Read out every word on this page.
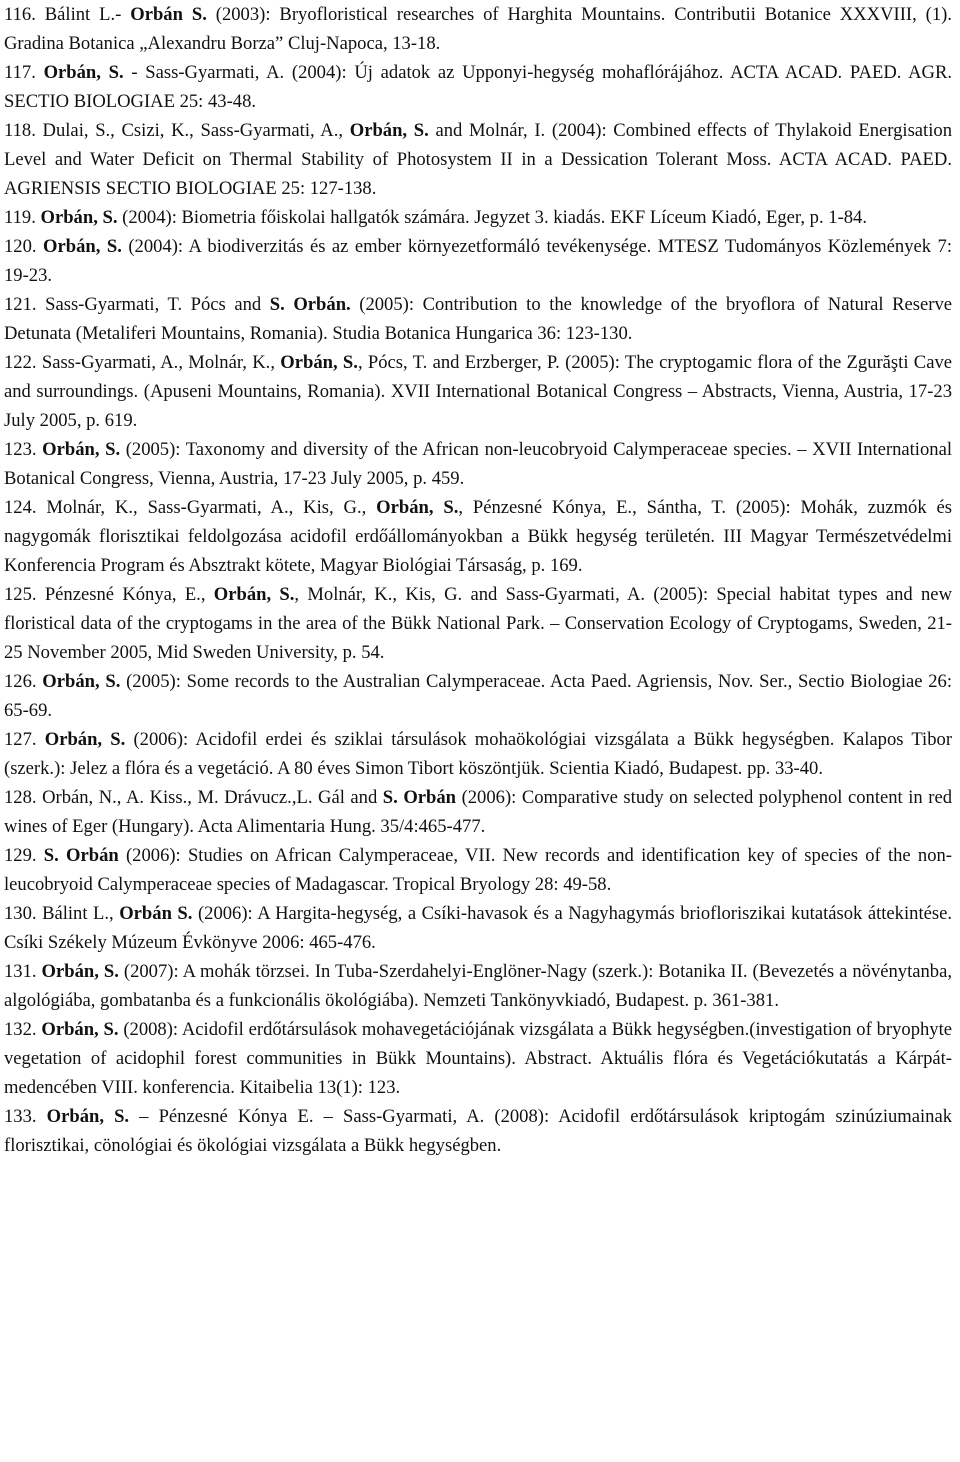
116. Bálint L.- Orbán S. (2003): Bryofloristical researches of Harghita Mountains. Contributii Botanice XXXVIII, (1). Gradina Botanica „Alexandru Borza” Cluj-Napoca, 13-18.

117. Orbán, S. - Sass-Gyarmati, A. (2004): Új adatok az Upponyi-hegység mohaflórájához. ACTA ACAD. PAED. AGR. SECTIO BIOLOGIAE 25: 43-48.

118. Dulai, S., Csizi, K., Sass-Gyarmati, A., Orbán, S. and Molnár, I. (2004): Combined effects of Thylakoid Energisation Level and Water Deficit on Thermal Stability of Photosystem II in a Dessication Tolerant Moss. ACTA ACAD. PAED. AGRIENSIS SECTIO BIOLOGIAE 25: 127-138.

119. Orbán, S. (2004): Biometria főiskolai hallgatók számára. Jegyzet 3. kiadás. EKF Líceum Kiadó, Eger, p. 1-84.

120. Orbán, S. (2004): A biodiverzitás és az ember környezetformáló tevékenysége. MTESZ Tudományos Közlemények 7: 19-23.

121. Sass-Gyarmati, T. Pócs and S. Orbán. (2005): Contribution to the knowledge of the bryoflora of Natural Reserve Detunata (Metaliferi Mountains, Romania). Studia Botanica Hungarica 36: 123-130.

122. Sass-Gyarmati, A., Molnár, K., Orbán, S., Pócs, T. and Erzberger, P. (2005): The cryptogamic flora of the Zgurăşti Cave and surroundings. (Apuseni Mountains, Romania). XVII International Botanical Congress – Abstracts, Vienna, Austria, 17-23 July 2005, p. 619.

123. Orbán, S. (2005): Taxonomy and diversity of the African non-leucobryoid Calymperaceae species. – XVII International Botanical Congress, Vienna, Austria, 17-23 July 2005, p. 459.

124. Molnár, K., Sass-Gyarmati, A., Kis, G., Orbán, S., Pénzesné Kónya, E., Sántha, T. (2005): Mohák, zuzmók és nagygomák florisztikai feldolgozása acidofil erdőállományokban a Bükk hegység területén. III Magyar Természetvédelmi Konferencia Program és Absztrakt kötete, Magyar Biológiai Társaság, p. 169.

125. Pénzesné Kónya, E., Orbán, S., Molnár, K., Kis, G. and Sass-Gyarmati, A. (2005): Special habitat types and new floristical data of the cryptogams in the area of the Bükk National Park. – Conservation Ecology of Cryptogams, Sweden, 21-25 November 2005, Mid Sweden University, p. 54.

126. Orbán, S. (2005): Some records to the Australian Calymperaceae. Acta Paed. Agriensis, Nov. Ser., Sectio Biologiae 26: 65-69.

127. Orbán, S. (2006): Acidofil erdei és sziklai társulások mohaökológiai vizsgálata a Bükk hegységben. Kalapos Tibor (szerk.): Jelez a flóra és a vegetáció. A 80 éves Simon Tibort köszöntjük. Scientia Kiadó, Budapest. pp. 33-40.

128. Orbán, N., A. Kiss., M. Drávucz.,L. Gál and S. Orbán (2006): Comparative study on selected polyphenol content in red wines of Eger (Hungary). Acta Alimentaria Hung. 35/4:465-477.

129. S. Orbán (2006): Studies on African Calymperaceae, VII. New records and identification key of species of the non-leucobryoid Calymperaceae species of Madagascar. Tropical Bryology 28: 49-58.

130. Bálint L., Orbán S. (2006): A Hargita-hegység, a Csíki-havasok és a Nagyhagymás briofloriszikai kutatások áttekintése. Csíki Székely Múzeum Évkönyve 2006: 465-476.

131. Orbán, S. (2007): A mohák törzsei. In Tuba-Szerdahelyi-Englöner-Nagy (szerk.): Botanika II. (Bevezetés a növénytanba, algológiába, gombatanba és a funkcionális ökológiába). Nemzeti Tankönyvkiadó, Budapest. p. 361-381.

132. Orbán, S. (2008): Acidofil erdőtársulások mohavegetációjának vizsgálata a Bükk hegységben.(investigation of bryophyte vegetation of acidophil forest communities in Bükk Mountains). Abstract. Aktuális flóra és Vegetációkutatás a Kárpát-medencében VIII. konferencia. Kitaibelia 13(1): 123.

133. Orbán, S. – Pénzesné Kónya E. – Sass-Gyarmati, A. (2008): Acidofil erdőtársulások kriptogám szinúziumainak florisztikai, cönológiai és ökológiai vizsgálata a Bükk hegységben.
